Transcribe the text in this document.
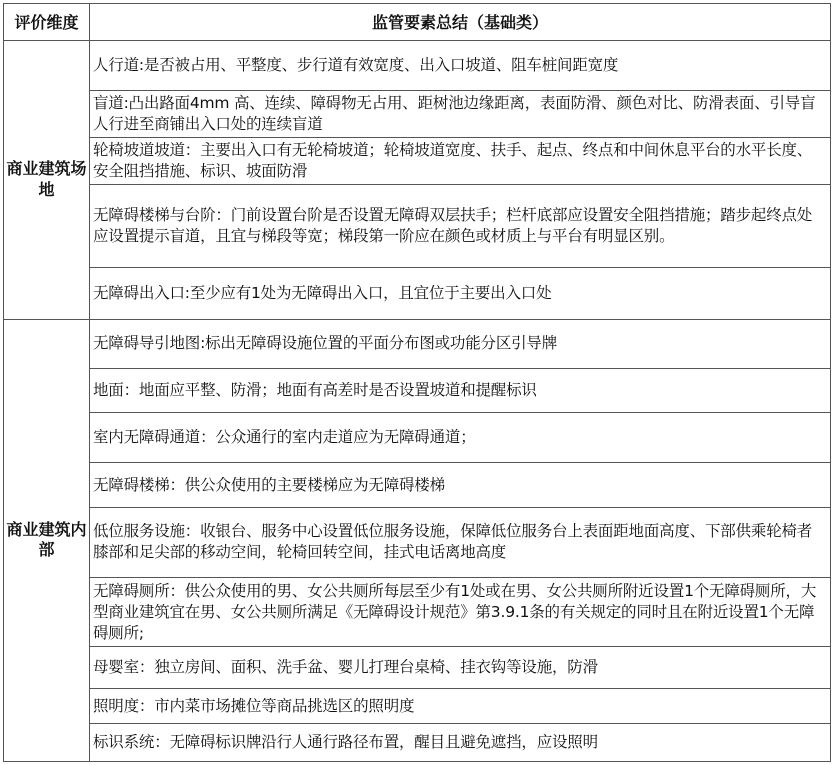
评价维度	监管要素总结（基础类）
商业建筑场地	人行道:是否被占用、平整度、步行道有效宽度、出入口坡道、阻车桩间距宽度
	盲道:凸出路面4mm 高、连续、障碍物无占用、距树池边缘距离，表面防滑、颜色对比、防滑表面、引导盲人行进至商铺出入口处的连续盲道
	轮椅坡道坡道：主要出入口有无轮椅坡道；轮椅坡道宽度、扶手、起点、终点和中间休息平台的水平长度、安全阻挡措施、标识、坡面防滑
	无障碍楼梯与台阶：门前设置台阶是否设置无障碍双层扶手；栏杆底部应设置安全阻挡措施；踏步起终点处应设置提示盲道，且宜与梯段等宽；梯段第一阶应在颜色或材质上与平台有明显区别。
	无障碍出入口:至少应有1处为无障碍出入口，且宜位于主要出入口处
商业建筑内部	无障碍导引地图:标出无障碍设施位置的平面分布图或功能分区引导牌
	地面：地面应平整、防滑；地面有高差时是否设置坡道和提醒标识
	室内无障碍通道：公众通行的室内走道应为无障碍通道；
	无障碍楼梯：供公众使用的主要楼梯应为无障碍楼梯
	低位服务设施：收银台、服务中心设置低位服务设施，保障低位服务台上表面距地面高度、下部供乘轮椅者膝部和足尖部的移动空间，轮椅回转空间，挂式电话离地高度
	无障碍厕所：供公众使用的男、女公共厕所每层至少有1处或在男、女公共厕所附近设置1个无障碍厕所，大型商业建筑宜在男、女公共厕所满足《无障碍设计规范》第3.9.1条的有关规定的同时且在附近设置1个无障碍厕所;
	母婴室：独立房间、面积、洗手盆、婴儿打理台桌椅、挂衣钩等设施，防滑
	照明度：市内菜市场摊位等商品挑选区的照明度
	标识系统：无障碍标识牌沿行人通行路径布置，醒目且避免遮挡，应设照明
